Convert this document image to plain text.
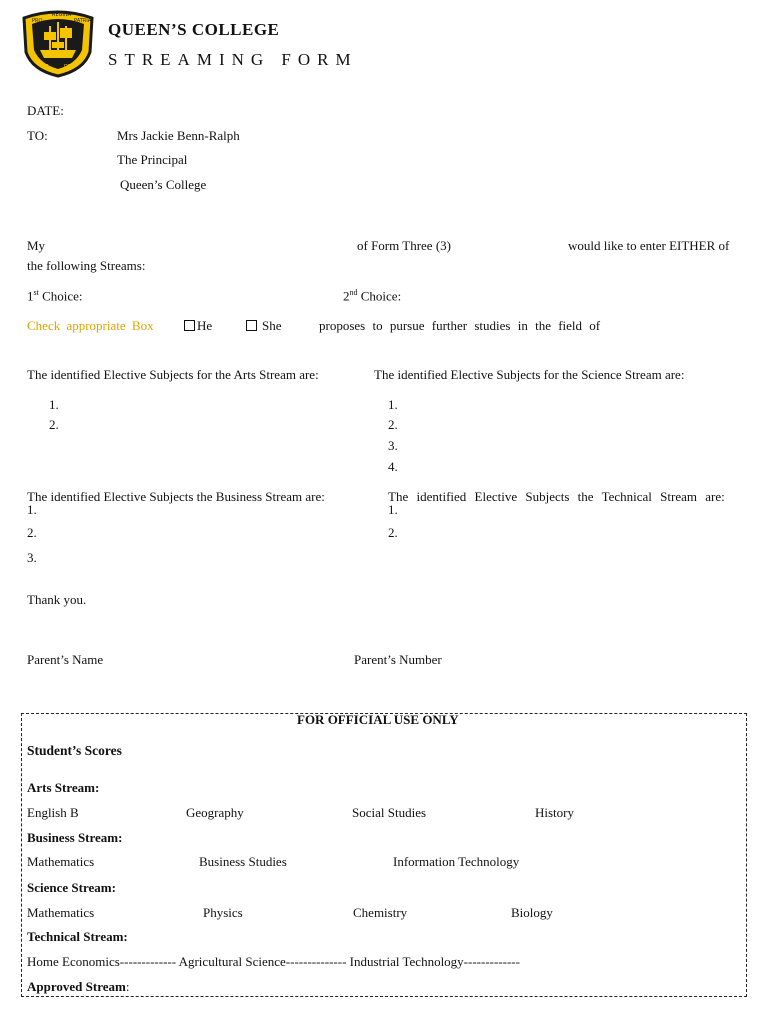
PRO
REGINA
PATRIA
ET	DEO
QUEEN’S COLLEGE
STREAMING FORM
DATE:
TO:	Mrs Jackie Benn-Ralph
The Principal
Queen’s College
My	of Form Three (3)	would like to enter EITHER of
the following Streams:
1st Choice:	2nd Choice:
Check appropriate Box	He	She	proposes to pursue further studies in the field of
The identified Elective Subjects for the Arts Stream are:
1.
2.
The identified Elective Subjects for the Science Stream are:
1.
2.
3.
4.
The identified Elective Subjects the Business Stream are:
1.
2.
3.
The identified Elective Subjects the Technical Stream are:
1.
2.
Thank you.
Parent’s Name	Parent’s Number
FOR OFFICIAL USE ONLY
Student’s Scores
Arts Stream:
English B	Geography	Social Studies	History
Business Stream:
Mathematics	Business Studies	Information Technology
Science Stream:
Mathematics	Physics	Chemistry	Biology
Technical Stream:
Home Economics------------- Agricultural Science-------------- Industrial Technology-------------
Approved Stream:
